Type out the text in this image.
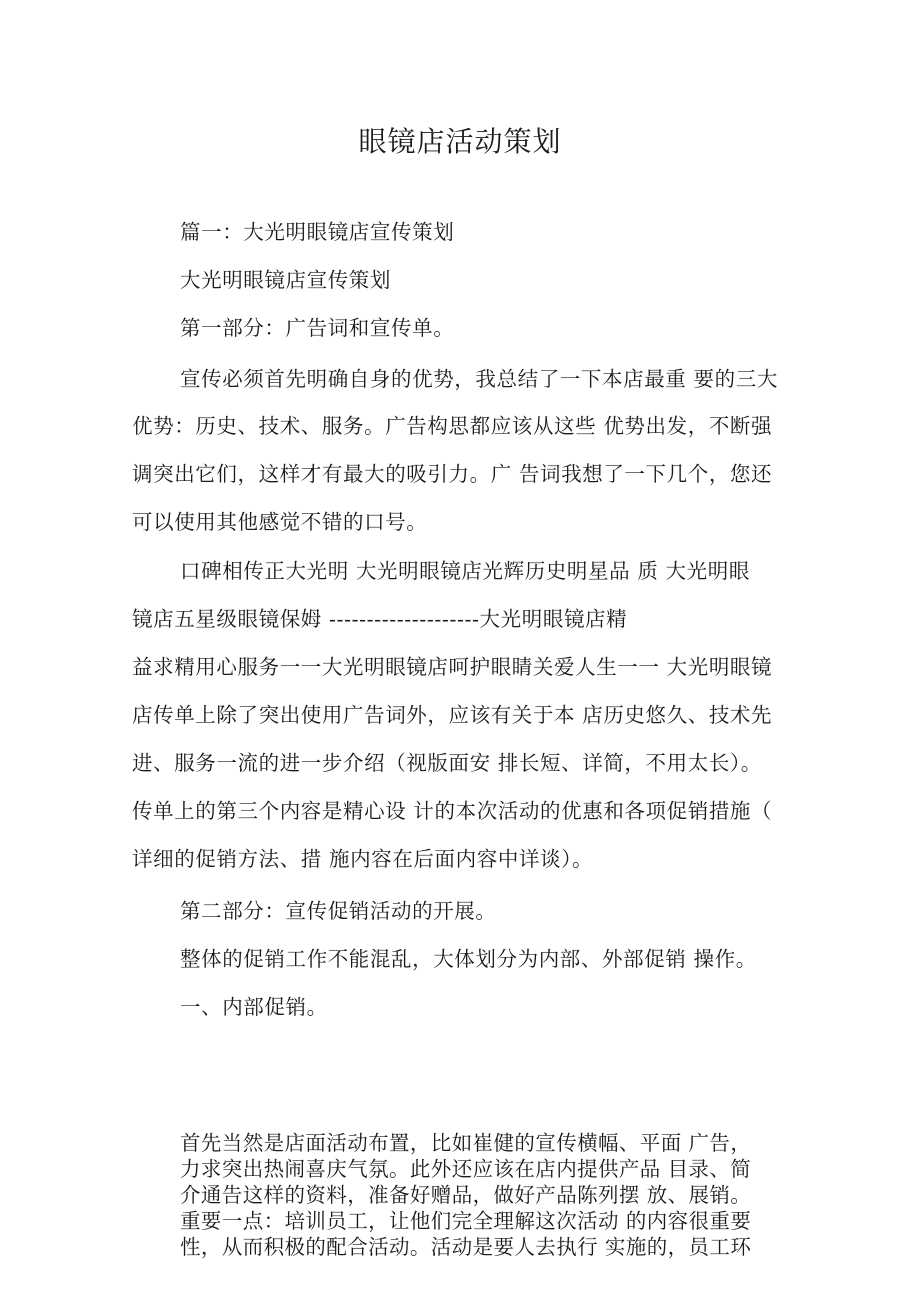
眼镜店活动策划

篇一：大光明眼镜店宣传策划

大光明眼镜店宣传策划

第一部分：广告词和宣传单。

宣传必须首先明确自身的优势，我总结了一下本店最重 要的三大

优势：历史、技术、服务。广告构思都应该从这些 优势出发，不断强

调突出它们，这样才有最大的吸引力。广 告词我想了一下几个，您还

可以使用其他感觉不错的口号。

口碑相传正大光明 大光明眼镜店光辉历史明星品 质 大光明眼

镜店五星级眼镜保姆 --------------------大光明眼镜店精

益求精用心服务一一大光明眼镜店呵护眼睛关爱人生一一 大光明眼镜

店传单上除了突出使用广告词外，应该有关于本 店历史悠久、技术先

进、服务一流的进一步介绍（视版面安 排长短、详简，不用太长）。

传单上的第三个内容是精心设 计的本次活动的优惠和各项促销措施（

详细的促销方法、措 施内容在后面内容中详谈）。

第二部分：宣传促销活动的开展。

整体的促销工作不能混乱，大体划分为内部、外部促销 操作。

一、内部促销。

首先当然是店面活动布置，比如崔健的宣传横幅、平面 广告，
力求突出热闹喜庆气氛。此外还应该在店内提供产品 目录、简
介通告这样的资料，准备好赠品，做好产品陈列摆 放、展销。
重要一点：培训员工，让他们完全理解这次活动 的内容很重要
性，从而积极的配合活动。活动是要人去执行 实施的，员工环
